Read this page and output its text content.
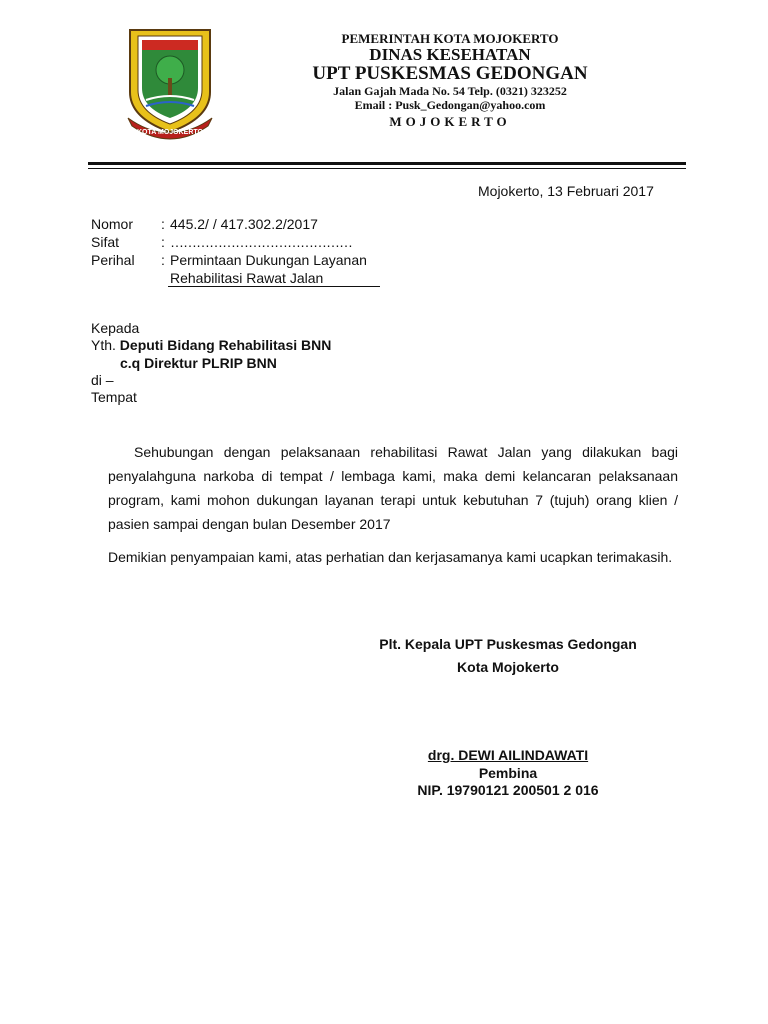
KOTA MOJOKERTO
PEMERINTAH KOTA MOJOKERTO
DINAS KESEHATAN
UPT PUSKESMAS GEDONGAN
Jalan Gajah Mada No. 54 Telp. (0321) 323252
Email : Pusk_Gedongan@yahoo.com
MOJOKERTO
Mojokerto, 13 Februari 2017
Nomor : 445.2/ / 417.302.2/2017
Sifat	: ……………………………………
Perihal : Permintaan Dukungan Layanan
Rehabilitasi Rawat Jalan
Kepada
Yth. Deputi Bidang Rehabilitasi BNN
c.q Direktur PLRIP BNN
di –
Tempat
Sehubungan dengan pelaksanaan rehabilitasi Rawat Jalan yang dilakukan bagi penyalahguna narkoba di tempat / lembaga kami, maka demi kelancaran pelaksanaan program, kami mohon dukungan layanan terapi untuk kebutuhan 7 (tujuh) orang klien / pasien sampai dengan bulan Desember 2017
Demikian penyampaian kami, atas perhatian dan kerjasamanya kami ucapkan terimakasih.
Plt. Kepala UPT Puskesmas Gedongan
Kota Mojokerto
drg. DEWI AILINDAWATI
Pembina
NIP. 19790121 200501 2 016
